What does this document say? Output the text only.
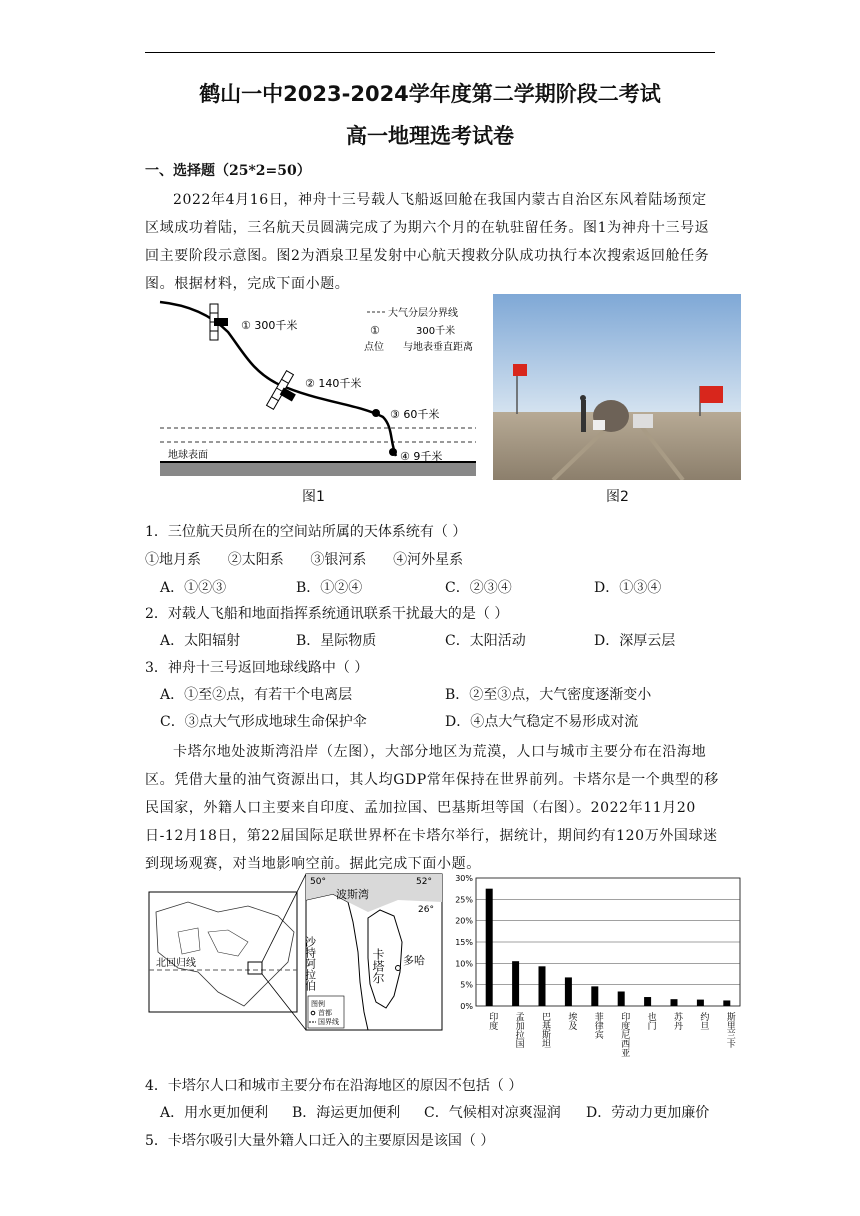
鹤山一中2023-2024学年度第二学期阶段二考试
高一地理选考试卷
一、选择题（25*2=50）
2022年4月16日，神舟十三号载人飞船返回舱在我国内蒙古自治区东风着陆场预定区域成功着陆，三名航天员圆满完成了为期六个月的在轨驻留任务。图1为神舟十三号返回主要阶段示意图。图2为酒泉卫星发射中心航天搜救分队成功执行本次搜索返回舱任务图。根据材料，完成下面小题。
① 300千米
② 140千米
③ 60千米
④ 9千米
地球表面
大气分层分界线
①	300千米
点位 与地表垂直距离
图1	图2
1．三位航天员所在的空间站所属的天体系统有（ ）
①地月系      ②太阳系      ③银河系      ④河外星系
A．①②③	B．①②④	C．②③④	D．①③④
2．对载人飞船和地面指挥系统通讯联系干扰最大的是（ ）
A．太阳辐射	B．星际物质	C．太阳活动	D．深厚云层
3．神舟十三号返回地球线路中（ ）
A．①至②点，有若干个电离层	B．②至③点，大气密度逐渐变小
C．③点大气形成地球生命保护伞	D．④点大气稳定不易形成对流
卡塔尔地处波斯湾沿岸（左图），大部分地区为荒漠，人口与城市主要分布在沿海地区。凭借大量的油气资源出口，其人均GDP常年保持在世界前列。卡塔尔是一个典型的移民国家，外籍人口主要来自印度、孟加拉国、巴基斯坦等国（右图）。2022年11月20日-12月18日，第22届国际足联世界杯在卡塔尔举行，据统计，期间约有120万外国球迷到现场观赛，对当地影响空前。据此完成下面小题。
北回归线
50°	52°
26°
波斯湾
沙特阿拉伯	卡塔尔 多哈
图例
首都
国界线
0%
5%
10%
15%
20%
25%
30%
印度 孟加拉国 巴基斯坦 埃及 菲律宾 印度尼西亚 也门 苏丹 约旦 斯里兰卡
4．卡塔尔人口和城市主要分布在沿海地区的原因不包括（ ）
A．用水更加便利 B．海运更加便利 C．气候相对凉爽湿润 D．劳动力更加廉价
5．卡塔尔吸引大量外籍人口迁入的主要原因是该国（ ）
